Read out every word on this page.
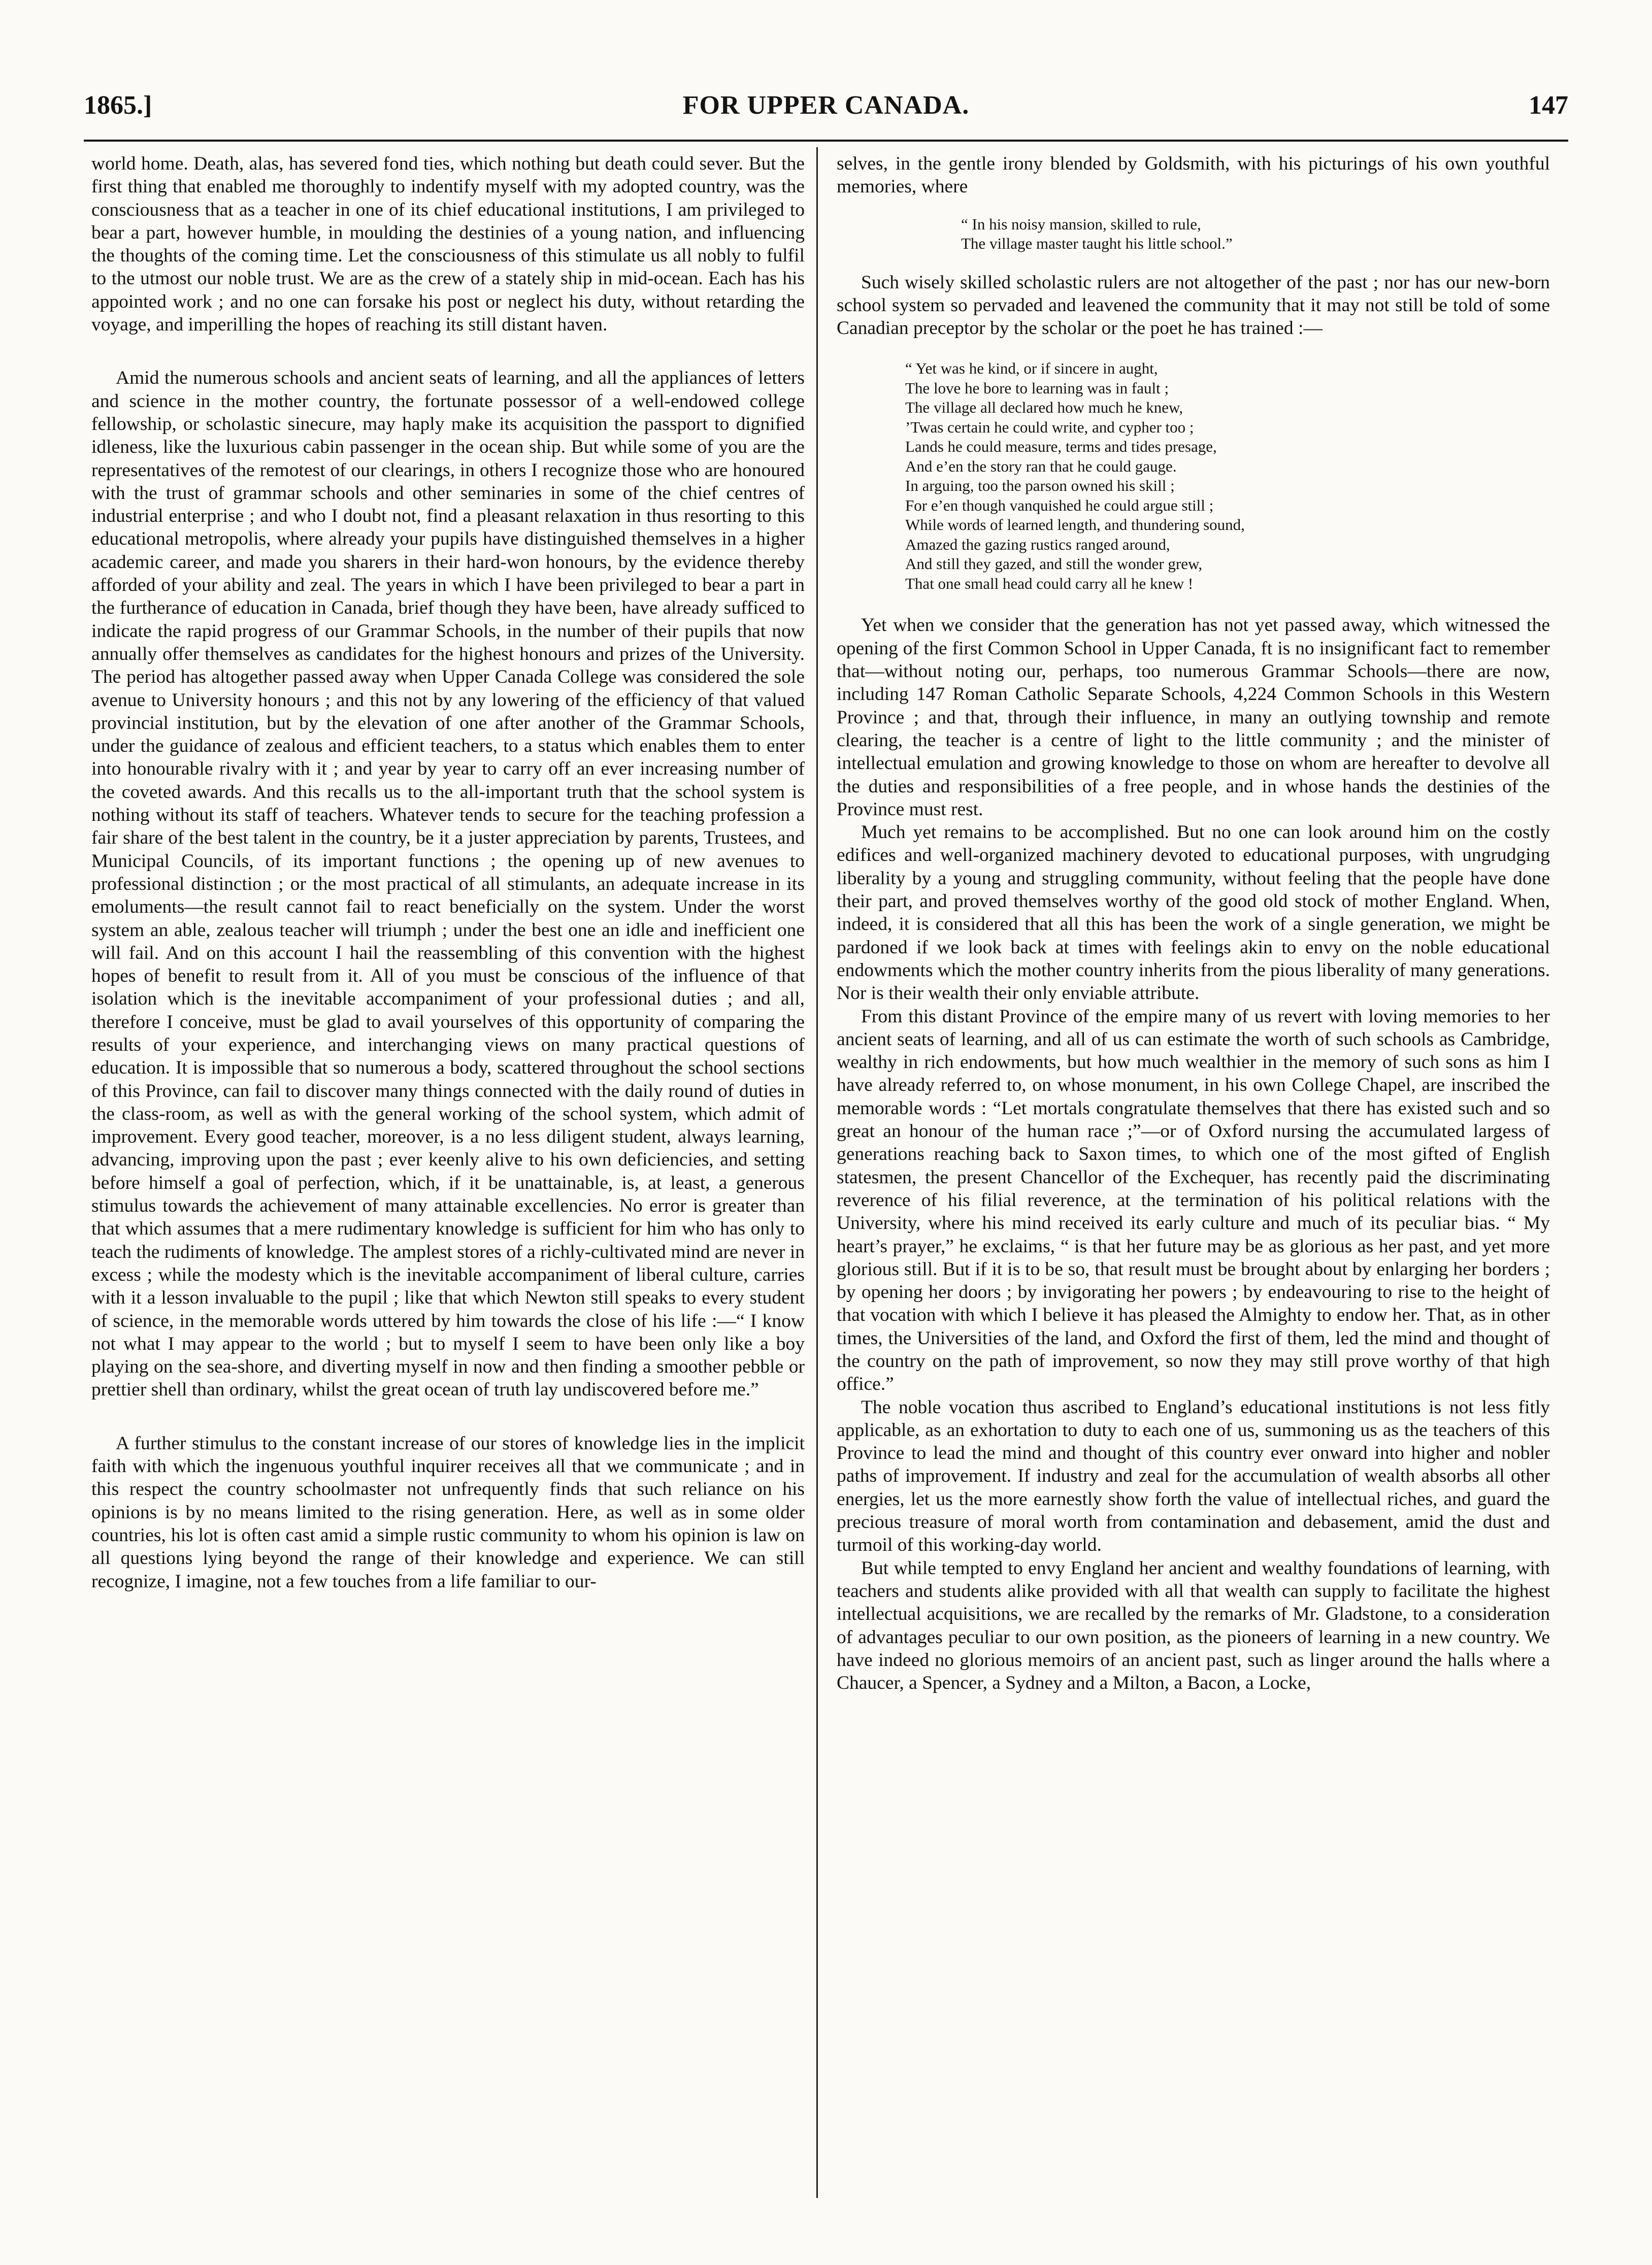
1865.]	FOR UPPER CANADA.	147

world home. Death, alas, has severed fond ties, which nothing but death could sever. But the first thing that enabled me thoroughly to indentify myself with my adopted country, was the consciousness that as a teacher in one of its chief educational institutions, I am privileged to bear a part, however humble, in moulding the destinies of a young nation, and influencing the thoughts of the coming time. Let the consciousness of this stimulate us all nobly to fulfil to the utmost our noble trust. We are as the crew of a stately ship in mid-ocean. Each has his appointed work ; and no one can forsake his post or neglect his duty, without retarding the voyage, and imperilling the hopes of reaching its still distant haven.

Amid the numerous schools and ancient seats of learning, and all the appliances of letters and science in the mother country, the fortunate possessor of a well-endowed college fellowship, or scholastic sinecure, may haply make its acquisition the passport to dignified idleness, like the luxurious cabin passenger in the ocean ship. But while some of you are the representatives of the remotest of our clearings, in others I recognize those who are honoured with the trust of grammar schools and other seminaries in some of the chief centres of industrial enterprise ; and who I doubt not, find a pleasant relaxation in thus resorting to this educational metropolis, where already your pupils have distinguished themselves in a higher academic career, and made you sharers in their hard-won honours, by the evidence thereby afforded of your ability and zeal. The years in which I have been privileged to bear a part in the furtherance of education in Canada, brief though they have been, have already sufficed to indicate the rapid progress of our Grammar Schools, in the number of their pupils that now annually offer themselves as candidates for the highest honours and prizes of the University. The period has altogether passed away when Upper Canada College was considered the sole avenue to University honours ; and this not by any lowering of the efficiency of that valued provincial institution, but by the elevation of one after another of the Grammar Schools, under the guidance of zealous and efficient teachers, to a status which enables them to enter into honourable rivalry with it ; and year by year to carry off an ever increasing number of the coveted awards. And this recalls us to the all-important truth that the school system is nothing without its staff of teachers. Whatever tends to secure for the teaching profession a fair share of the best talent in the country, be it a juster appreciation by parents, Trustees, and Municipal Councils, of its important functions ; the opening up of new avenues to professional distinction ; or the most practical of all stimulants, an adequate increase in its emoluments—the result cannot fail to react beneficially on the system. Under the worst system an able, zealous teacher will triumph ; under the best one an idle and inefficient one will fail. And on this account I hail the reassembling of this convention with the highest hopes of benefit to result from it. All of you must be conscious of the influence of that isolation which is the inevitable accompaniment of your professional duties ; and all, therefore I conceive, must be glad to avail yourselves of this opportunity of comparing the results of your experience, and interchanging views on many practical questions of education. It is impossible that so numerous a body, scattered throughout the school sections of this Province, can fail to discover many things connected with the daily round of duties in the class-room, as well as with the general working of the school system, which admit of improvement. Every good teacher, moreover, is a no less diligent student, always learning, advancing, improving upon the past ; ever keenly alive to his own deficiencies, and setting before himself a goal of perfection, which, if it be unattainable, is, at least, a generous stimulus towards the achievement of many attainable excellencies. No error is greater than that which assumes that a mere rudimentary knowledge is sufficient for him who has only to teach the rudiments of knowledge. The amplest stores of a richly-cultivated mind are never in excess ; while the modesty which is the inevitable accompaniment of liberal culture, carries with it a lesson invaluable to the pupil ; like that which Newton still speaks to every student of science, in the memorable words uttered by him towards the close of his life :—“ I know not what I may appear to the world ; but to myself I seem to have been only like a boy playing on the sea-shore, and diverting myself in now and then finding a smoother pebble or prettier shell than ordinary, whilst the great ocean of truth lay undiscovered before me.”

A further stimulus to the constant increase of our stores of knowledge lies in the implicit faith with which the ingenuous youthful inquirer receives all that we communicate ; and in this respect the country schoolmaster not unfrequently finds that such reliance on his opinions is by no means limited to the rising generation. Here, as well as in some older countries, his lot is often cast amid a simple rustic community to whom his opinion is law on all questions lying beyond the range of their knowledge and experience. We can still recognize, I imagine, not a few touches from a life familiar to our-

selves, in the gentle irony blended by Goldsmith, with his picturings of his own youthful memories, where

“ In his noisy mansion, skilled to rule,
The village master taught his little school.”

Such wisely skilled scholastic rulers are not altogether of the past ; nor has our new-born school system so pervaded and leavened the community that it may not still be told of some Canadian preceptor by the scholar or the poet he has trained :—

“ Yet was he kind, or if sincere in aught,
The love he bore to learning was in fault ;
The village all declared how much he knew,
’Twas certain he could write, and cypher too ;
Lands he could measure, terms and tides presage,
And e’en the story ran that he could gauge.
In arguing, too the parson owned his skill ;
For e’en though vanquished he could argue still ;
While words of learned length, and thundering sound,
Amazed the gazing rustics ranged around,
And still they gazed, and still the wonder grew,
That one small head could carry all he knew !

Yet when we consider that the generation has not yet passed away, which witnessed the opening of the first Common School in Upper Canada, ft is no insignificant fact to remember that—without noting our, perhaps, too numerous Grammar Schools—there are now, including 147 Roman Catholic Separate Schools, 4,224 Common Schools in this Western Province ; and that, through their influence, in many an outlying township and remote clearing, the teacher is a centre of light to the little community ; and the minister of intellectual emulation and growing knowledge to those on whom are hereafter to devolve all the duties and responsibilities of a free people, and in whose hands the destinies of the Province must rest.

Much yet remains to be accomplished. But no one can look around him on the costly edifices and well-organized machinery devoted to educational purposes, with ungrudging liberality by a young and struggling community, without feeling that the people have done their part, and proved themselves worthy of the good old stock of mother England. When, indeed, it is considered that all this has been the work of a single generation, we might be pardoned if we look back at times with feelings akin to envy on the noble educational endowments which the mother country inherits from the pious liberality of many generations. Nor is their wealth their only enviable attribute.

From this distant Province of the empire many of us revert with loving memories to her ancient seats of learning, and all of us can estimate the worth of such schools as Cambridge, wealthy in rich endowments, but how much wealthier in the memory of such sons as him I have already referred to, on whose monument, in his own College Chapel, are inscribed the memorable words : “Let mortals congratulate themselves that there has existed such and so great an honour of the human race ;”—or of Oxford nursing the accumulated largess of generations reaching back to Saxon times, to which one of the most gifted of English statesmen, the present Chancellor of the Exchequer, has recently paid the discriminating reverence of his filial reverence, at the termination of his political relations with the University, where his mind received its early culture and much of its peculiar bias. “ My heart’s prayer,” he exclaims, “ is that her future may be as glorious as her past, and yet more glorious still. But if it is to be so, that result must be brought about by enlarging her borders ; by opening her doors ; by invigorating her powers ; by endeavouring to rise to the height of that vocation with which I believe it has pleased the Almighty to endow her. That, as in other times, the Universities of the land, and Oxford the first of them, led the mind and thought of the country on the path of improvement, so now they may still prove worthy of that high office.”

The noble vocation thus ascribed to England’s educational institutions is not less fitly applicable, as an exhortation to duty to each one of us, summoning us as the teachers of this Province to lead the mind and thought of this country ever onward into higher and nobler paths of improvement. If industry and zeal for the accumulation of wealth absorbs all other energies, let us the more earnestly show forth the value of intellectual riches, and guard the precious treasure of moral worth from contamination and debasement, amid the dust and turmoil of this working-day world.

But while tempted to envy England her ancient and wealthy foundations of learning, with teachers and students alike provided with all that wealth can supply to facilitate the highest intellectual acquisitions, we are recalled by the remarks of Mr. Gladstone, to a consideration of advantages peculiar to our own position, as the pioneers of learning in a new country. We have indeed no glorious memoirs of an ancient past, such as linger around the halls where a Chaucer, a Spencer, a Sydney and a Milton, a Bacon, a Locke,
